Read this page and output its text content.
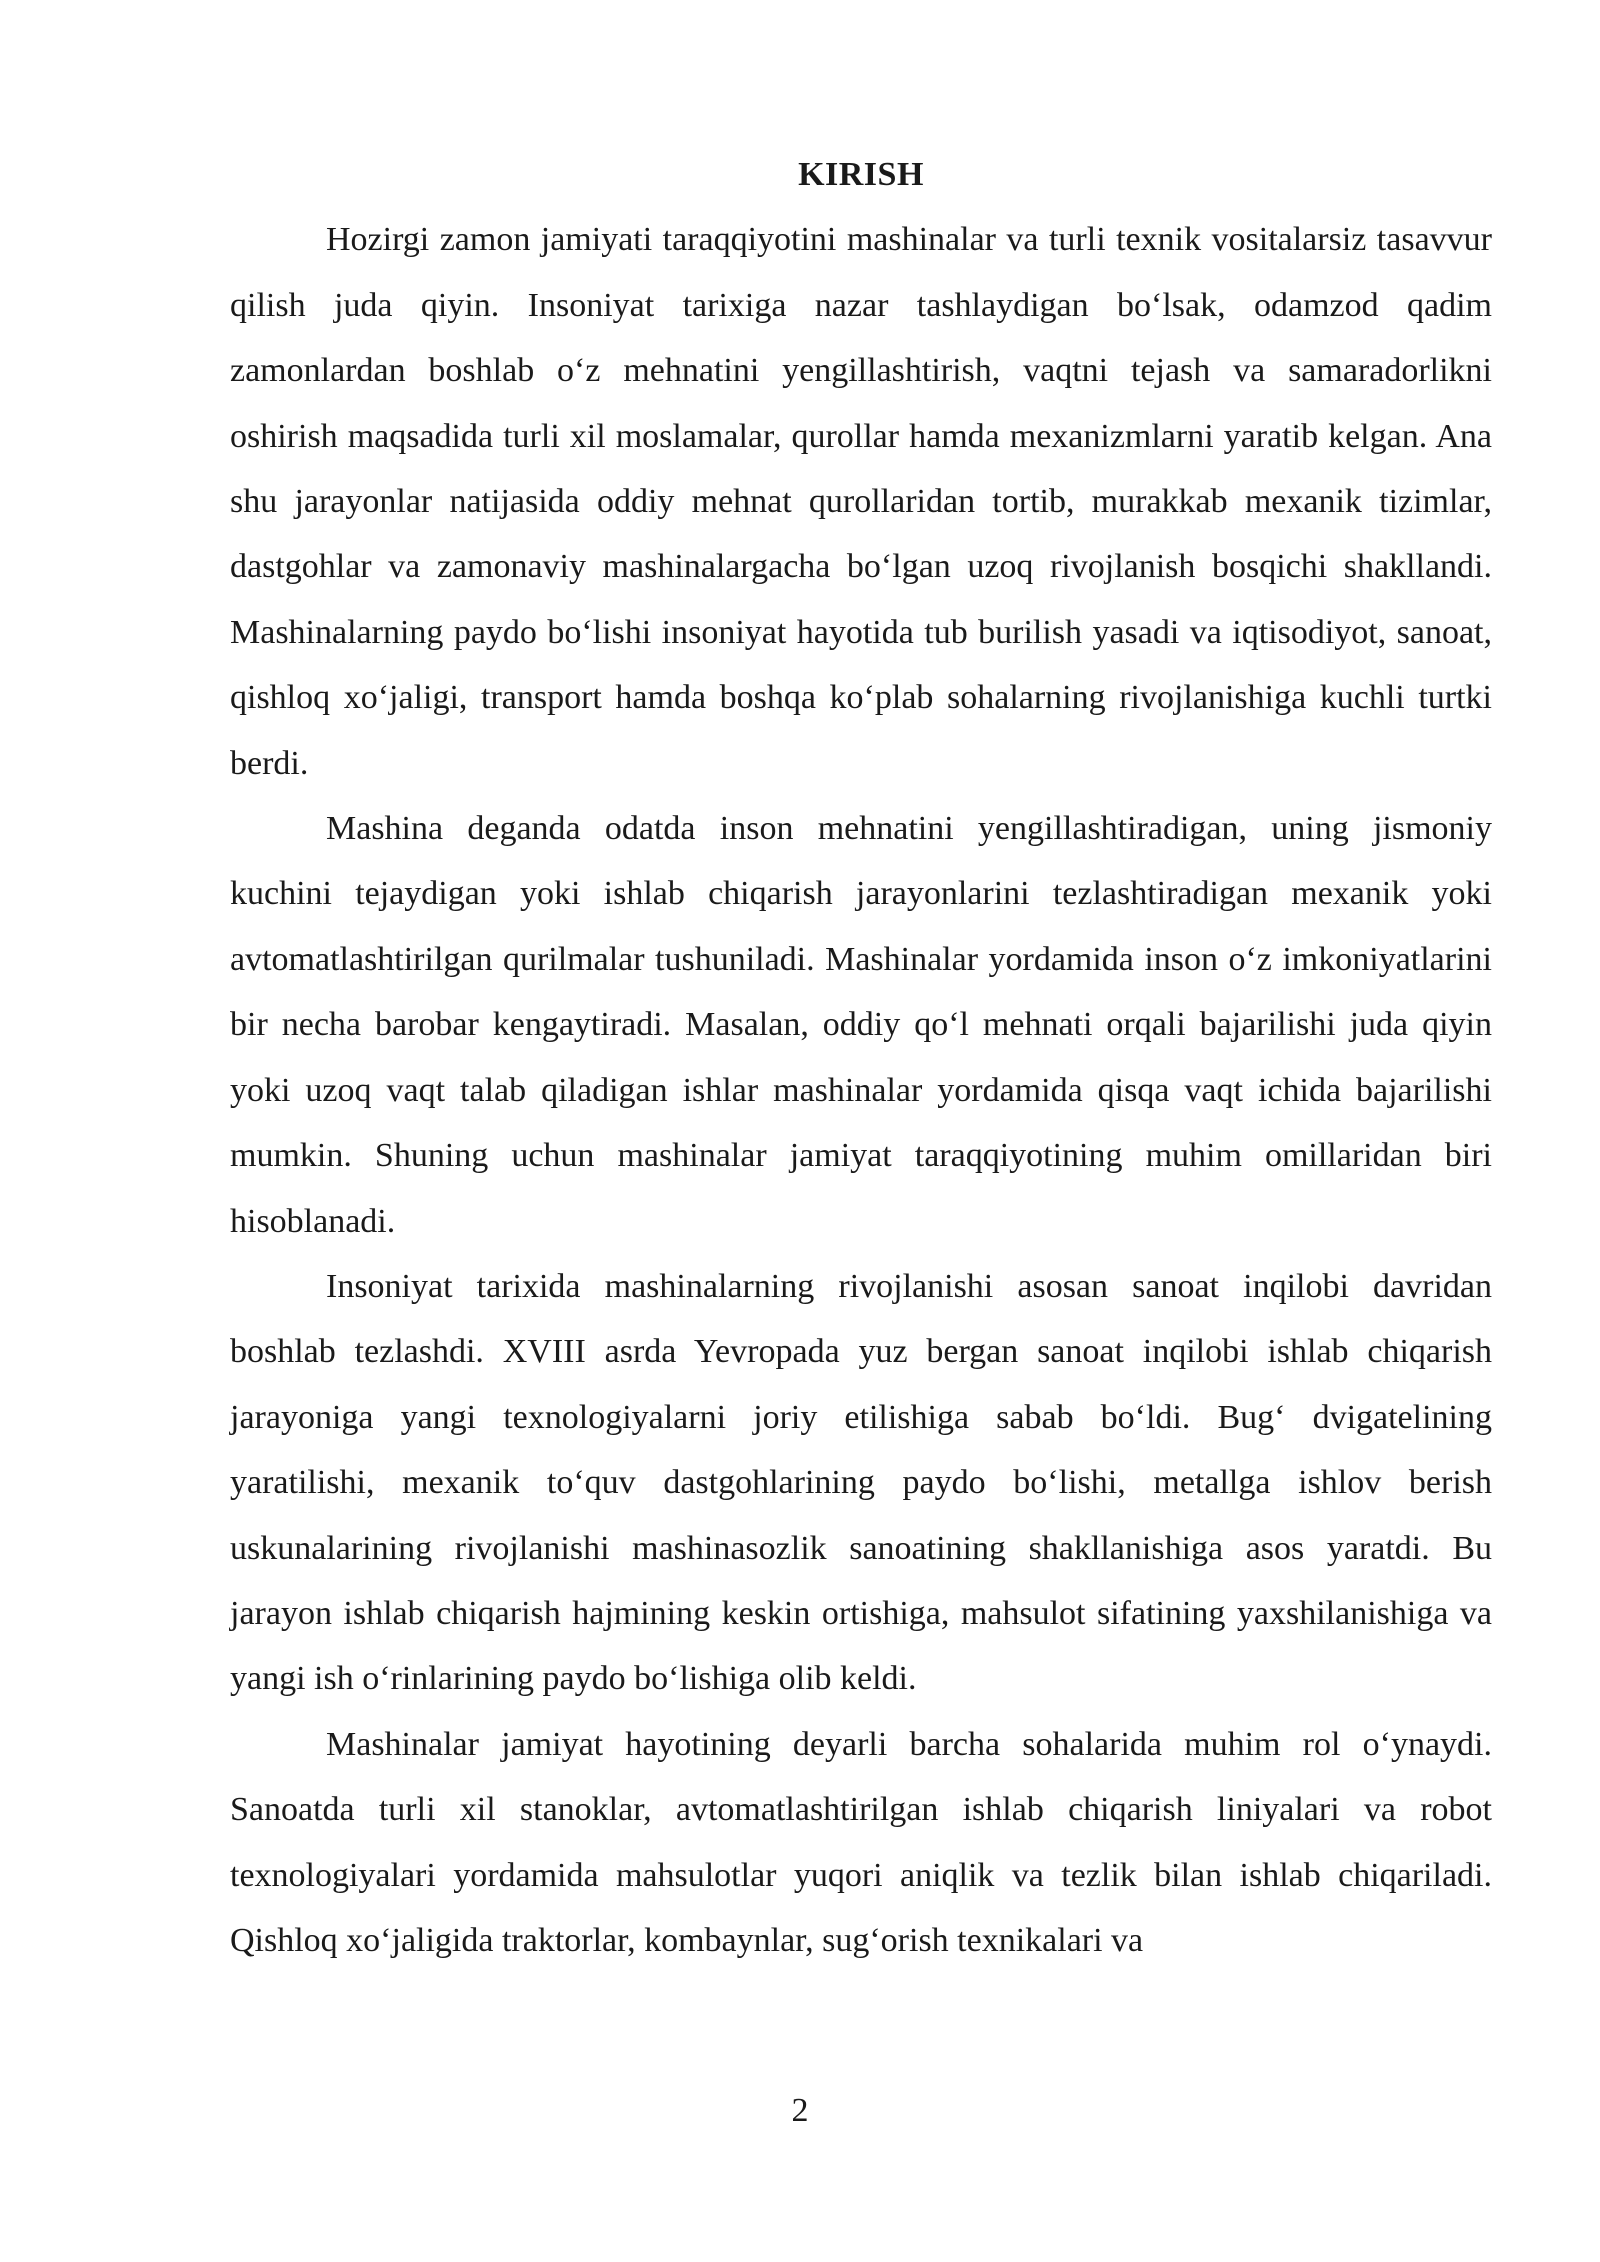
KIRISH

Hozirgi zamon jamiyati taraqqiyotini mashinalar va turli texnik vositalarsiz tasavvur qilish juda qiyin. Insoniyat tarixiga nazar tashlaydigan boʻlsak, odamzod qadim zamonlardan boshlab oʻz mehnatini yengillashtirish, vaqtni tejash va samaradorlikni oshirish maqsadida turli xil moslamalar, qurollar hamda mexanizmlarni yaratib kelgan. Ana shu jarayonlar natijasida oddiy mehnat qurollaridan tortib, murakkab mexanik tizimlar, dastgohlar va zamonaviy mashinalargacha boʻlgan uzoq rivojlanish bosqichi shakllandi. Mashinalarning paydo boʻlishi insoniyat hayotida tub burilish yasadi va iqtisodiyot, sanoat, qishloq xoʻjaligi, transport hamda boshqa koʻplab sohalarning rivojlanishiga kuchli turtki berdi.

Mashina deganda odatda inson mehnatini yengillashtiradigan, uning jismoniy kuchini tejaydigan yoki ishlab chiqarish jarayonlarini tezlashtiradigan mexanik yoki avtomatlashtirilgan qurilmalar tushuniladi. Mashinalar yordamida inson oʻz imkoniyatlarini bir necha barobar kengaytiradi. Masalan, oddiy qoʻl mehnati orqali bajarilishi juda qiyin yoki uzoq vaqt talab qiladigan ishlar mashinalar yordamida qisqa vaqt ichida bajarilishi mumkin. Shuning uchun mashinalar jamiyat taraqqiyotining muhim omillaridan biri hisoblanadi.

Insoniyat tarixida mashinalarning rivojlanishi asosan sanoat inqilobi davridan boshlab tezlashdi. XVIII asrda Yevropada yuz bergan sanoat inqilobi ishlab chiqarish jarayoniga yangi texnologiyalarni joriy etilishiga sabab boʻldi. Bugʻ dvigatelining yaratilishi, mexanik toʻquv dastgohlarining paydo boʻlishi, metallga ishlov berish uskunalarining rivojlanishi mashinasozlik sanoatining shakllanishiga asos yaratdi. Bu jarayon ishlab chiqarish hajmining keskin ortishiga, mahsulot sifatining yaxshilanishiga va yangi ish oʻrinlarining paydo boʻlishiga olib keldi.

Mashinalar jamiyat hayotining deyarli barcha sohalarida muhim rol oʻynaydi. Sanoatda turli xil stanoklar, avtomatlashtirilgan ishlab chiqarish liniyalari va robot texnologiyalari yordamida mahsulotlar yuqori aniqlik va tezlik bilan ishlab chiqariladi. Qishloq xoʻjaligida traktorlar, kombaynlar, sugʻorish texnikalari va

2
